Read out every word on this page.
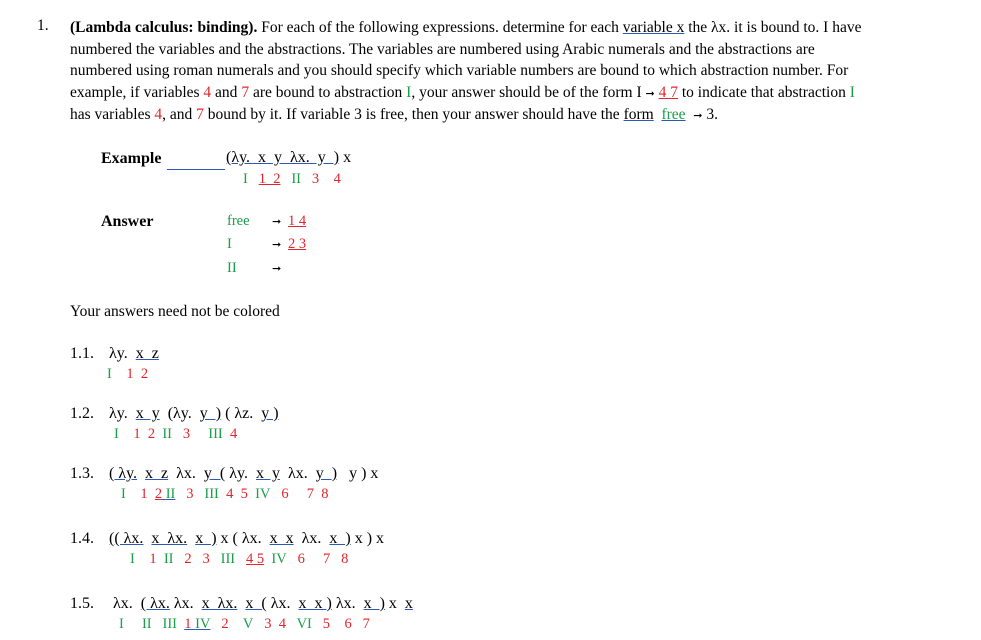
1. (Lambda calculus: binding). For each of the following expressions. determine for each variable x the λx. it is bound to. I have

numbered the variables and the abstractions. The variables are numbered using Arabic numerals and the abstractions are

numbered using roman numerals and you should specify which variable numbers are bound to which abstraction number. For

example, if variables 4 and 7 are bound to abstraction I, your answer should be of the form I ➞ 4 7 to indicate that abstraction I

has variables 4, and 7 bound by it. If variable 3 is free, then your answer should have the form free ➞ 3.

Example	(λy.  x  y  λx.  y  ) x
I 1  2 II 3 4
Answer	free ➞ 1 4
I	➞ 2 3
II	➞
Your answers need not be colored
1.1. λy.  x  z
I 1 2
1.2. λy.  x  y  (λy.  y  ) ( λz.  y )
I 1 2 II 3 III 4
1.3. ( λy. x  z  λx.  y  ( λy.  x  y  λx.  y  )   y ) x
I 1 2 II 3 III 4 5 IV 6 7 8
1.4. (( λx. x  λx. x  ) x ( λx.  x  x  λx.  x  ) x ) x
I 1 II 2 3 III 4 5 IV 6 7 8
1.5. λx.  ( λx. λx.  x  λx. x  ( λx.  x  x ) λx.  x  ) x  x
I II III 1 IV 2 V 3 4 VI 5 6 7
